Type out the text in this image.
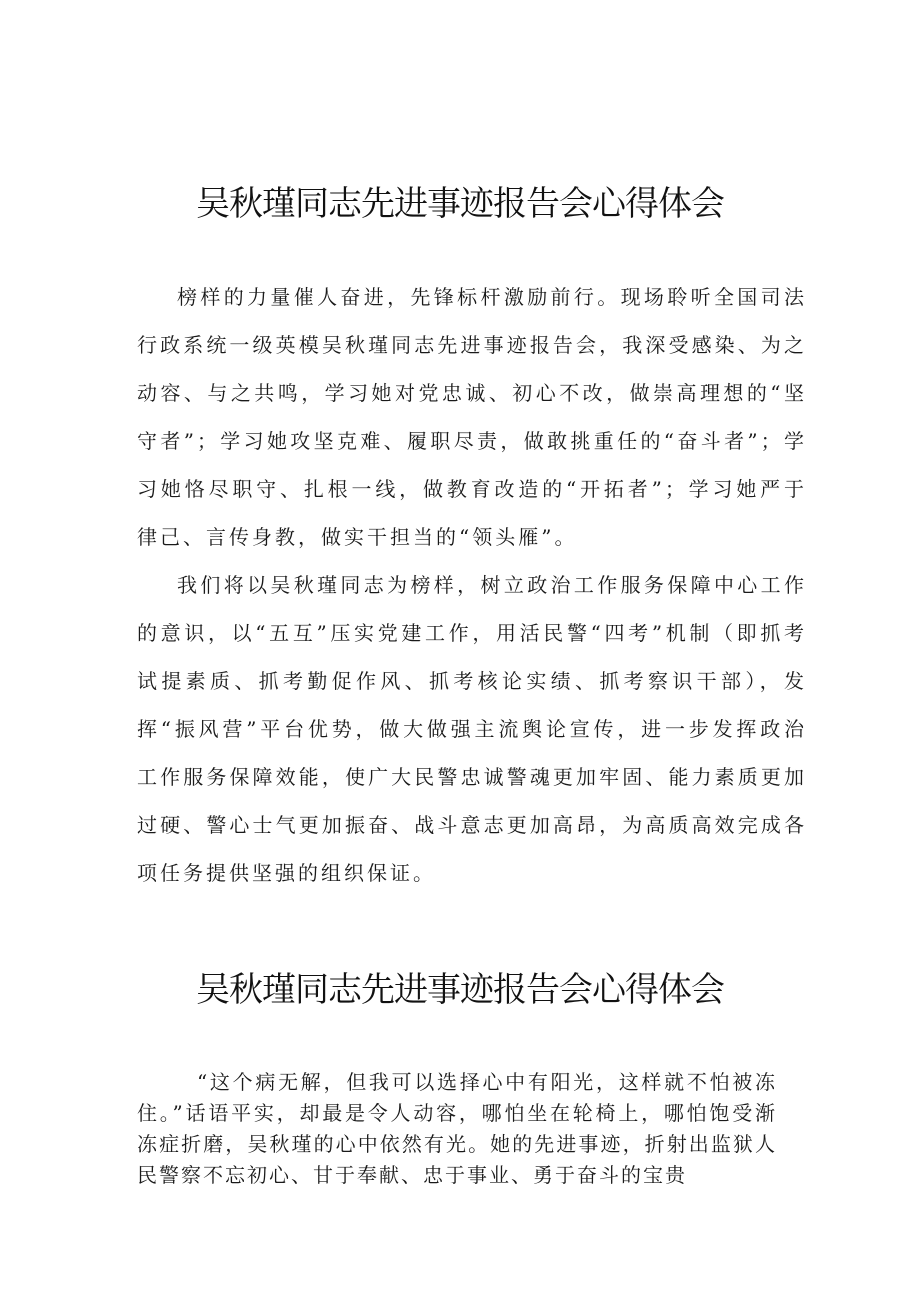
吴秋瑾同志先进事迹报告会心得体会

榜样的力量催人奋进，先锋标杆激励前行。现场聆听全国司法行政系统一级英模吴秋瑾同志先进事迹报告会，我深受感染、为之动容、与之共鸣，学习她对党忠诚、初心不改，做崇高理想的“坚守者”；学习她攻坚克难、履职尽责，做敢挑重任的“奋斗者”；学习她恪尽职守、扎根一线，做教育改造的“开拓者”；学习她严于律己、言传身教，做实干担当的“领头雁”。

我们将以吴秋瑾同志为榜样，树立政治工作服务保障中心工作的意识，以“五互”压实党建工作，用活民警“四考”机制（即抓考试提素质、抓考勤促作风、抓考核论实绩、抓考察识干部），发挥“振风营”平台优势，做大做强主流舆论宣传，进一步发挥政治工作服务保障效能，使广大民警忠诚警魂更加牢固、能力素质更加过硬、警心士气更加振奋、战斗意志更加高昂，为高质高效完成各项任务提供坚强的组织保证。

吴秋瑾同志先进事迹报告会心得体会

“这个病无解，但我可以选择心中有阳光，这样就不怕被冻住。”话语平实，却最是令人动容，哪怕坐在轮椅上，哪怕饱受渐冻症折磨，吴秋瑾的心中依然有光。她的先进事迹，折射出监狱人民警察不忘初心、甘于奉献、忠于事业、勇于奋斗的宝贵
